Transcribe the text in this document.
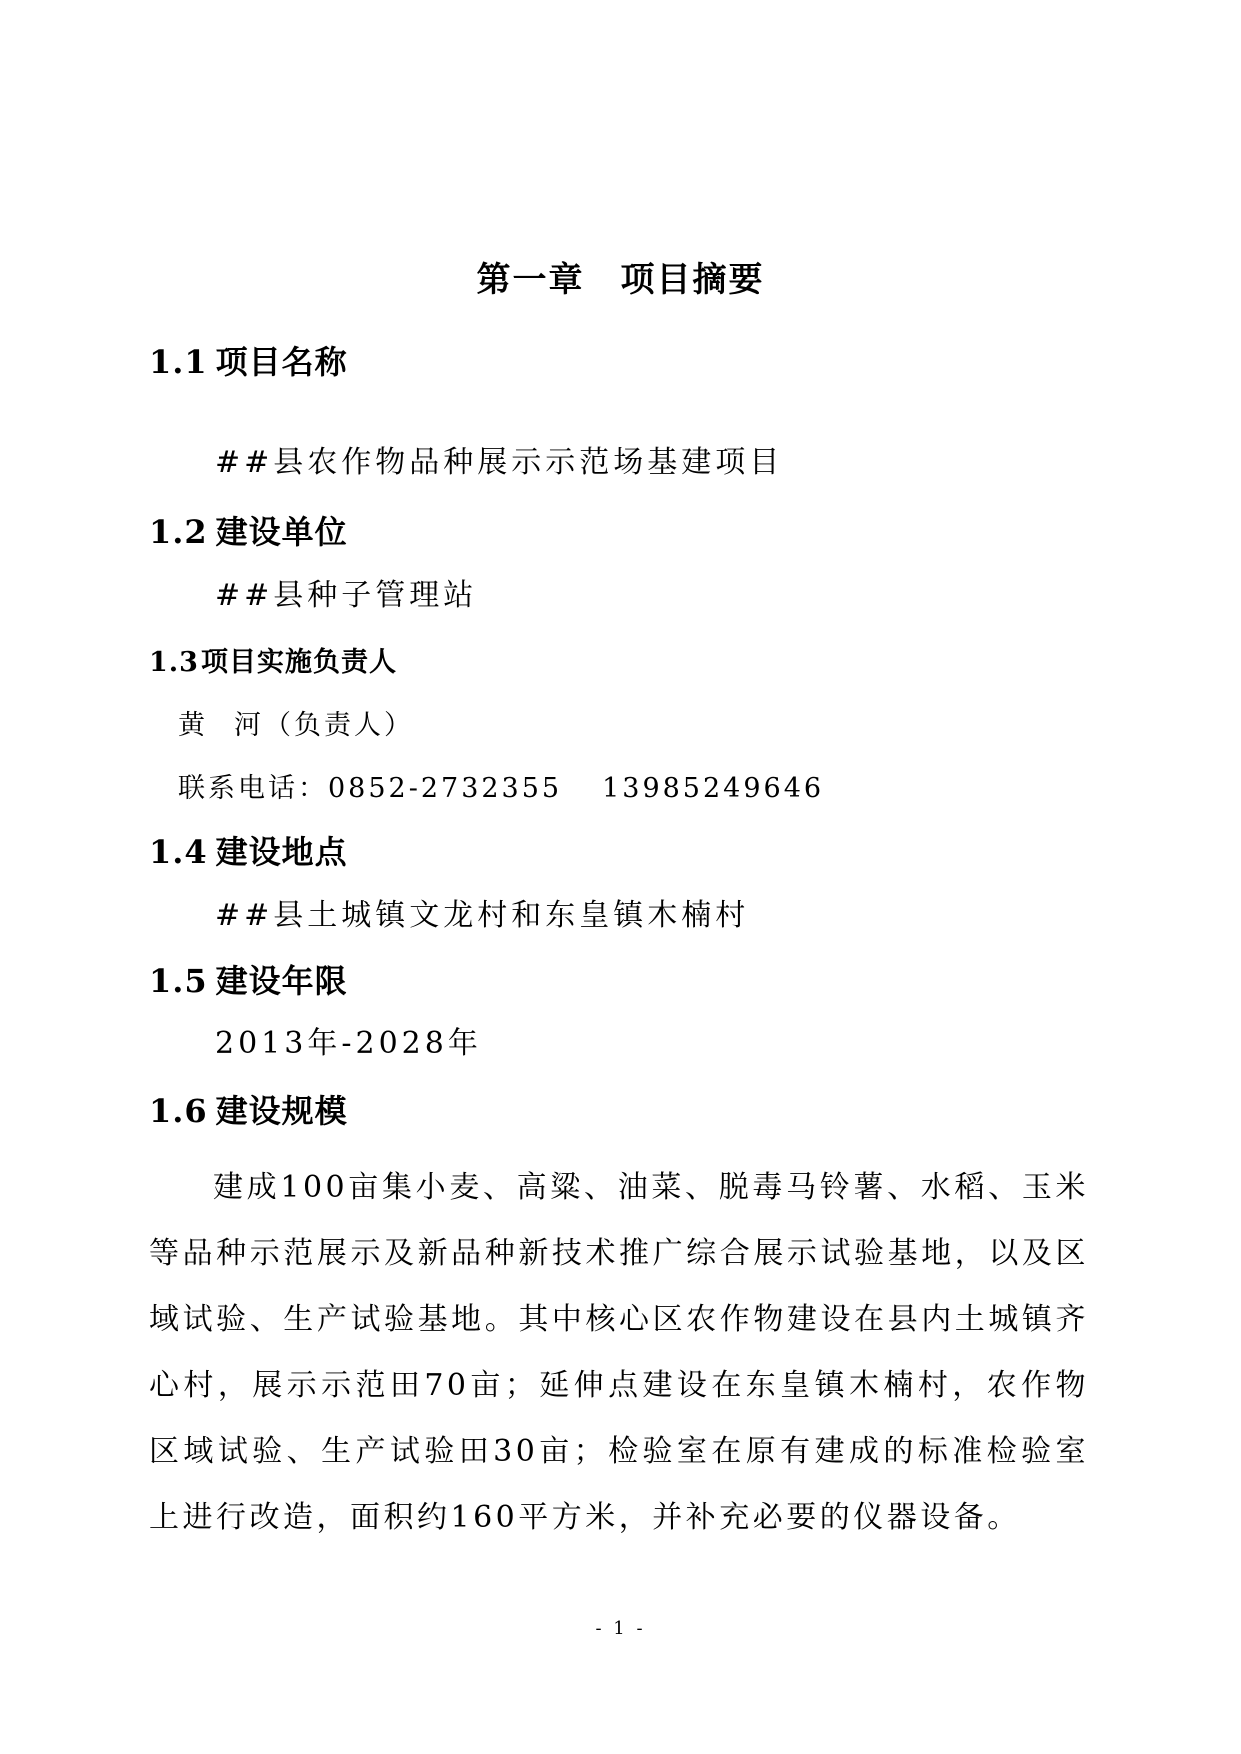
第一章 项目摘要
1.1 项目名称
##县农作物品种展示示范场基建项目
1.2 建设单位
##县种子管理站
1.3项目实施负责人
黄 河（负责人）
联系电话：0852-2732355 13985249646
1.4 建设地点
##县土城镇文龙村和东皇镇木楠村
1.5 建设年限
2013年-2028年
1.6 建设规模
建成100亩集小麦、高粱、油菜、脱毒马铃薯、水稻、玉米等品种示范展示及新品种新技术推广综合展示试验基地，以及区域试验、生产试验基地。其中核心区农作物建设在县内土城镇齐心村，展示示范田70亩；延伸点建设在东皇镇木楠村，农作物区域试验、生产试验田30亩；检验室在原有建成的标准检验室上进行改造，面积约160平方米，并补充必要的仪器设备。
- 1 -
